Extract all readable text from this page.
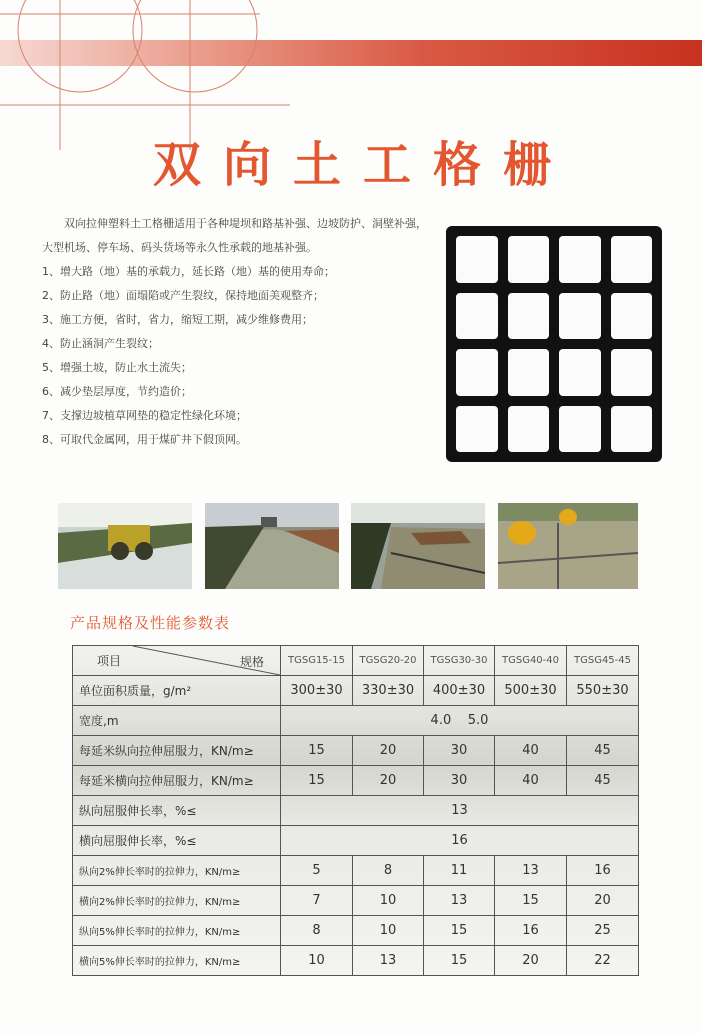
双向土工格栅

双向拉伸塑料土工格栅适用于各种堤坝和路基补强、边坡防护、洞壁补强，大型机场、停车场、码头货场等永久性承载的地基补强。

1、增大路（地）基的承载力，延长路（地）基的使用寿命；
2、防止路（地）面塌陷或产生裂纹，保持地面美观整齐；
3、施工方便，省时，省力，缩短工期，减少维修费用；
4、防止涵洞产生裂纹；
5、增强土坡，防止水土流失；
6、减少垫层厚度，节约造价；
7、支撑边坡植草网垫的稳定性绿化环境；
8、可取代金属网，用于煤矿井下假顶网。
产品规格及性能参数表
项目 规格	TGSG15-15	TGSG20-20	TGSG30-30	TGSG40-40	TGSG45-45
单位面积质量，g/m²	300±30	330±30	400±30	500±30	550±30
宽度,m	4.0    5.0				
每延米纵向拉伸屈服力，KN/m≥	15	20	30	40	45
每延米横向拉伸屈服力，KN/m≥	15	20	30	40	45
纵向屈服伸长率，%≤	13				
横向屈服伸长率，%≤	16				
纵向2%伸长率时的拉伸力，KN/m≥	5	8	11	13	16
横向2%伸长率时的拉伸力，KN/m≥	7	10	13	15	20
纵向5%伸长率时的拉伸力，KN/m≥	8	10	15	16	25
横向5%伸长率时的拉伸力，KN/m≥	10	13	15	20	22
